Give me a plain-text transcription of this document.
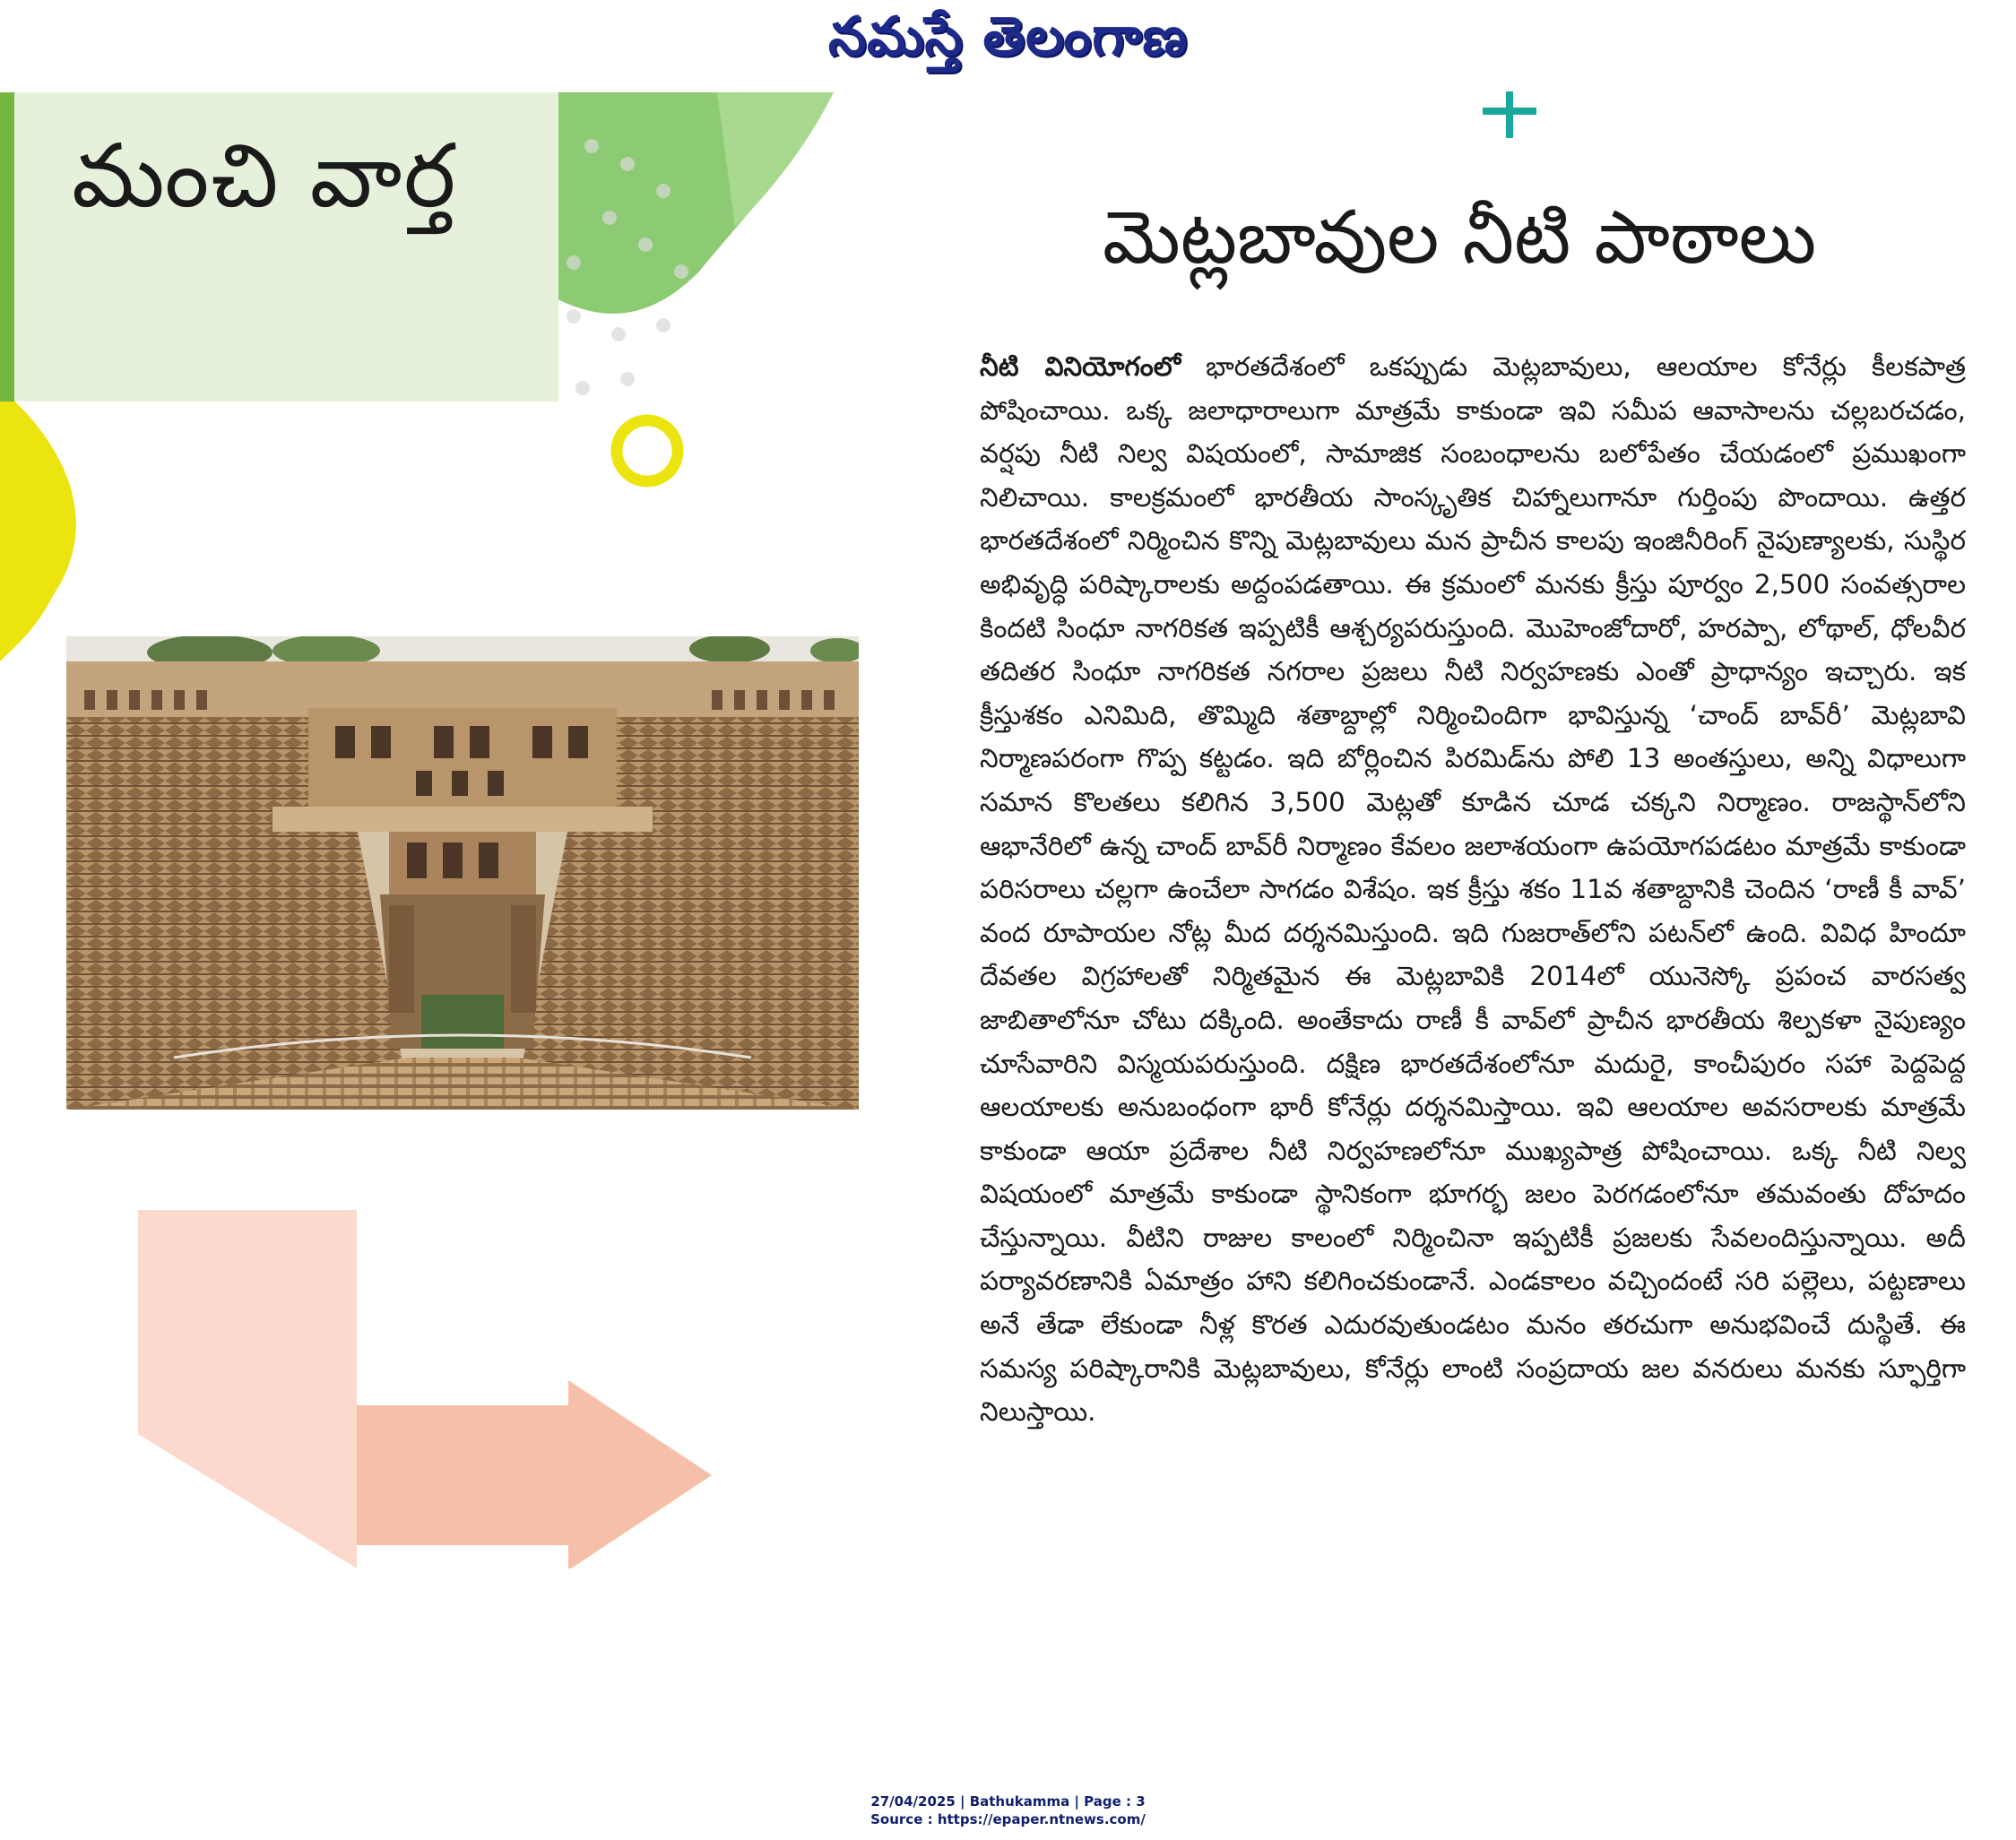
నమస్తే తెలంగాణ
మంచి వార్త
మెట్లబావుల నీటి పాఠాలు

నీటి వినియోగంలో భారతదేశంలో ఒకప్పుడు మెట్లబావులు, ఆలయాల కోనేర్లు కీలకపాత్ర పోషించాయి. ఒక్క జలాధారాలుగా మాత్రమే కాకుండా ఇవి సమీప ఆవాసాలను చల్లబరచడం, వర్షపు నీటి నిల్వ విషయంలో, సామాజిక సంబంధాలను బలోపేతం చేయడంలో ప్రముఖంగా నిలిచాయి. కాలక్రమంలో భారతీయ సాంస్కృతిక చిహ్నాలుగానూ గుర్తింపు పొందాయి. ఉత్తర భారతదేశంలో నిర్మించిన కొన్ని మెట్లబావులు మన ప్రాచీన కాలపు ఇంజినీరింగ్ నైపుణ్యాలకు, సుస్థిర అభివృద్ధి పరిష్కారాలకు అద్దంపడతాయి. ఈ క్రమంలో మనకు క్రీస్తు పూర్వం 2,500 సంవత్సరాల కిందటి సింధూ నాగరికత ఇప్పటికీ ఆశ్చర్యపరుస్తుంది. మొహెంజోదారో, హరప్పా, లోథాల్, ధోలవీర తదితర సింధూ నాగరికత నగరాల ప్రజలు నీటి నిర్వహణకు ఎంతో ప్రాధాన్యం ఇచ్చారు. ఇక క్రీస్తుశకం ఎనిమిది, తొమ్మిది శతాబ్దాల్లో నిర్మించిందిగా భావిస్తున్న ‘చాంద్ బావ్‌రీ’ మెట్లబావి నిర్మాణపరంగా గొప్ప కట్టడం. ఇది బోర్లించిన పిరమిడ్‌ను పోలి 13 అంతస్తులు, అన్ని విధాలుగా సమాన కొలతలు కలిగిన 3,500 మెట్లతో కూడిన చూడ చక్కని నిర్మాణం. రాజస్థాన్‌లోని ఆభానేరిలో ఉన్న చాంద్ బావ్‌రీ నిర్మాణం కేవలం జలాశయంగా ఉపయోగపడటం మాత్రమే కాకుండా పరిసరాలు చల్లగా ఉంచేలా సాగడం విశేషం. ఇక క్రీస్తు శకం 11వ శతాబ్దానికి చెందిన ‘రాణీ కీ వావ్’ వంద రూపాయల నోట్ల మీద దర్శనమిస్తుంది. ఇది గుజరాత్‌లోని పటన్‌లో ఉంది. వివిధ హిందూ దేవతల విగ్రహాలతో నిర్మితమైన ఈ మెట్లబావికి 2014లో యునెస్కో ప్రపంచ వారసత్వ జాబితాలోనూ చోటు దక్కింది. అంతేకాదు రాణీ కీ వావ్‌లో ప్రాచీన భారతీయ శిల్పకళా నైపుణ్యం చూసేవారిని విస్మయపరుస్తుంది. దక్షిణ భారతదేశంలోనూ మదురై, కాంచీపురం సహా పెద్దపెద్ద ఆలయాలకు అనుబంధంగా భారీ కోనేర్లు దర్శనమిస్తాయి. ఇవి ఆలయాల అవసరాలకు మాత్రమే కాకుండా ఆయా ప్రదేశాల నీటి నిర్వహణలోనూ ముఖ్యపాత్ర పోషించాయి. ఒక్క నీటి నిల్వ విషయంలో మాత్రమే కాకుండా స్థానికంగా భూగర్భ జలం పెరగడంలోనూ తమవంతు దోహదం చేస్తున్నాయి. వీటిని రాజుల కాలంలో నిర్మించినా ఇప్పటికీ ప్రజలకు సేవలందిస్తున్నాయి. అదీ పర్యావరణానికి ఏమాత్రం హాని కలిగించకుండానే. ఎండకాలం వచ్చిందంటే సరి పల్లెలు, పట్టణాలు అనే తేడా లేకుండా నీళ్ల కొరత ఎదురవుతుండటం మనం తరచుగా అనుభవించే దుస్థితే. ఈ సమస్య పరిష్కారానికి మెట్లబావులు, కోనేర్లు లాంటి సంప్రదాయ జల వనరులు మనకు స్ఫూర్తిగా నిలుస్తాయి.

27/04/2025 | Bathukamma | Page : 3
Source : https://epaper.ntnews.com/
